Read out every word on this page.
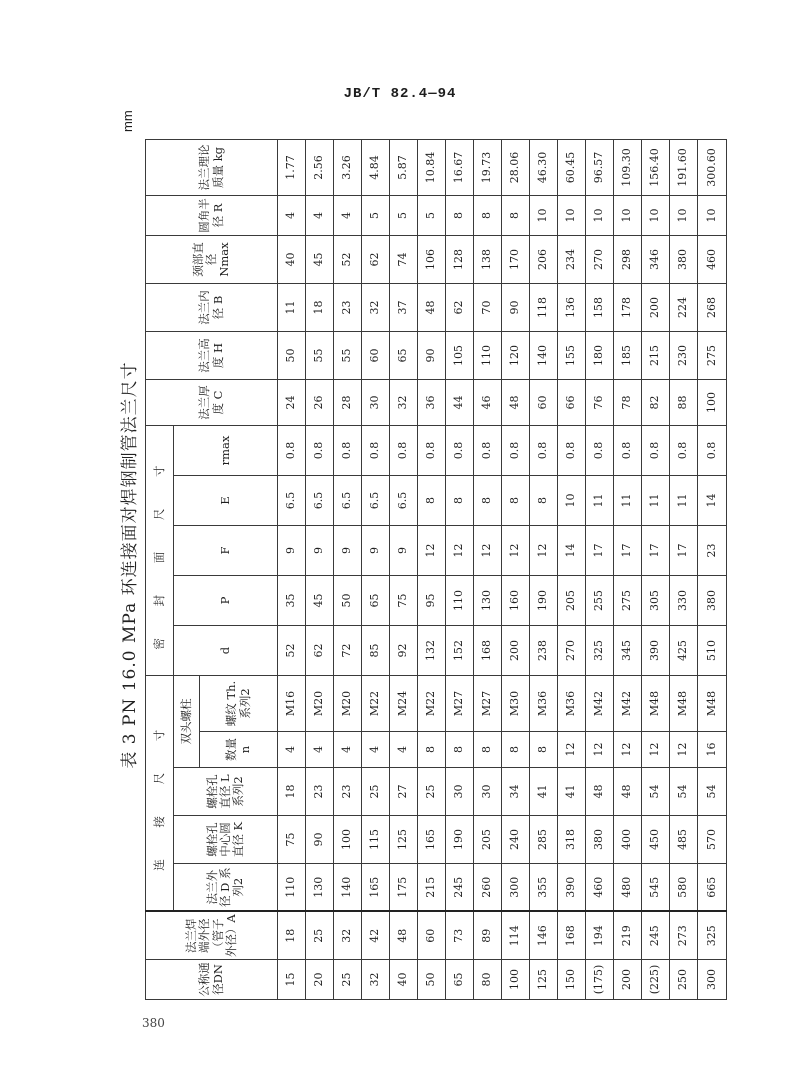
JB/T 82.4—94
表 3 PN 16.0 MPa 环连接面对焊钢制管法兰尺寸
mm
公称通径DN	法兰焊端外径（管子外径）A	连 接 尺 寸					密 封 面 尺 寸					法兰厚度 C	法兰高度 H	法兰内径 B	颈部直径 Nmax	圆角半径 R	法兰理论质量 kg
		法兰外径 D 系列2	螺栓孔中心圆直径 K	螺栓孔直径 L 系列2	双头螺柱		d	P	F	E	rmax						
					数量 n	螺纹 Th. 系列2											
15	18	110	75	18	4	M16	52	35	9	6.5	0.8	24	50	11	40	4	1.77
20	25	130	90	23	4	M20	62	45	9	6.5	0.8	26	55	18	45	4	2.56
25	32	140	100	23	4	M20	72	50	9	6.5	0.8	28	55	23	52	4	3.26
32	42	165	115	25	4	M22	85	65	9	6.5	0.8	30	60	32	62	5	4.84
40	48	175	125	27	4	M24	92	75	9	6.5	0.8	32	65	37	74	5	5.87
50	60	215	165	25	8	M22	132	95	12	8	0.8	36	90	48	106	5	10.84
65	73	245	190	30	8	M27	152	110	12	8	0.8	44	105	62	128	8	16.67
80	89	260	205	30	8	M27	168	130	12	8	0.8	46	110	70	138	8	19.73
100	114	300	240	34	8	M30	200	160	12	8	0.8	48	120	90	170	8	28.06
125	146	355	285	41	8	M36	238	190	12	8	0.8	60	140	118	206	10	46.30
150	168	390	318	41	12	M36	270	205	14	10	0.8	66	155	136	234	10	60.45
(175)	194	460	380	48	12	M42	325	255	17	11	0.8	76	180	158	270	10	96.57
200	219	480	400	48	12	M42	345	275	17	11	0.8	78	185	178	298	10	109.30
(225)	245	545	450	54	12	M48	390	305	17	11	0.8	82	215	200	346	10	156.40
250	273	580	485	54	12	M48	425	330	17	11	0.8	88	230	224	380	10	191.60
300	325	665	570	54	16	M48	510	380	23	14	0.8	100	275	268	460	10	300.60
380
